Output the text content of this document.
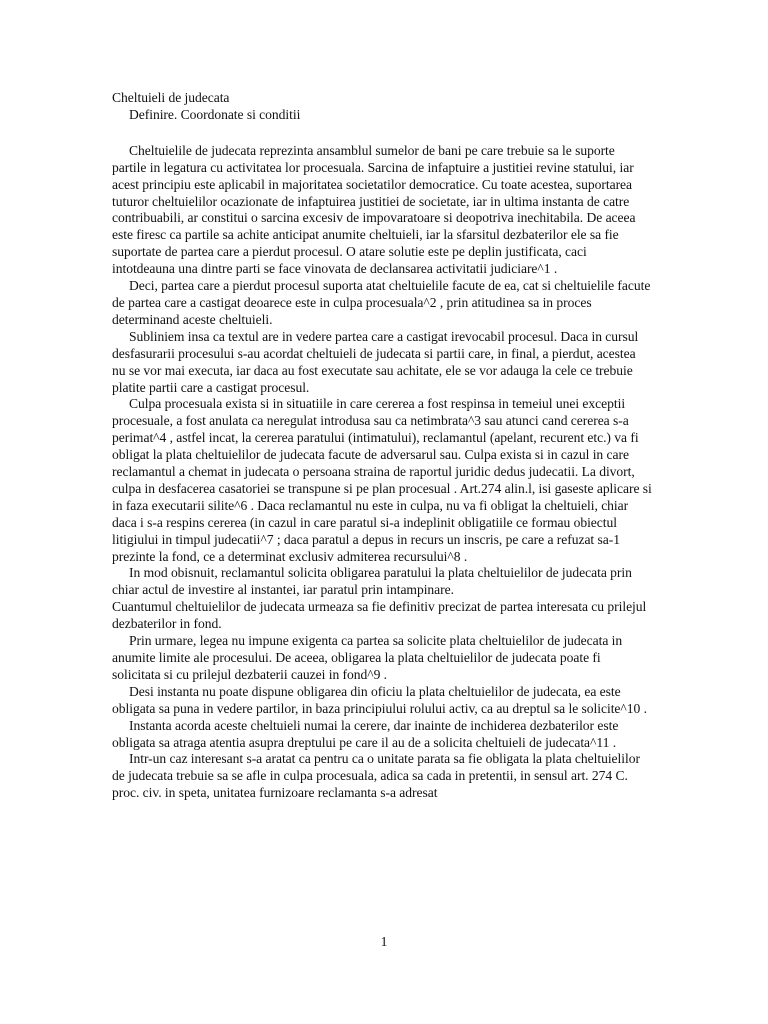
Cheltuieli de judecata
Definire. Coordonate si conditii

Cheltuielile de judecata reprezinta ansamblul sumelor de bani pe care trebuie sa le suporte partile in legatura cu activitatea lor procesuala. Sarcina de infaptuire a justitiei revine statului, iar acest principiu este aplicabil in majoritatea societatilor democratice. Cu toate acestea, suportarea tuturor cheltuielilor ocazionate de infaptuirea justitiei de societate, iar in ultima instanta de catre contribuabili, ar constitui o sarcina excesiv de impovaratoare si deopotriva inechitabila. De aceea este firesc ca partile sa achite anticipat anumite cheltuieli, iar la sfarsitul dezbaterilor ele sa fie suportate de partea care a pierdut procesul. O atare solutie este pe deplin justificata, caci intotdeauna una dintre parti se face vinovata de declansarea activitatii judiciare^1 .

Deci, partea care a pierdut procesul suporta atat cheltuielile facute de ea, cat si cheltuielile facute de partea care a castigat deoarece este in culpa procesuala^2 , prin atitudinea sa in proces determinand aceste cheltuieli.

Subliniem insa ca textul are in vedere partea care a castigat irevocabil procesul. Daca in cursul desfasurarii procesului s-au acordat cheltuieli de judecata si partii care, in final, a pierdut, acestea nu se vor mai executa, iar daca au fost executate sau achitate, ele se vor adauga la cele ce trebuie platite partii care a castigat procesul.

Culpa procesuala exista si in situatiile in care cererea a fost respinsa in temeiul unei exceptii procesuale, a fost anulata ca neregulat introdusa sau ca netimbrata^3 sau atunci cand cererea s-a perimat^4 , astfel incat, la cererea paratului (intimatului), reclamantul (apelant, recurent etc.) va fi obligat la plata cheltuielilor de judecata facute de adversarul sau. Culpa exista si in cazul in care reclamantul a chemat in judecata o persoana straina de raportul juridic dedus judecatii. La divort, culpa in desfacerea casatoriei se transpune si pe plan procesual . Art.274 alin.l, isi gaseste aplicare si in faza executarii silite^6 . Daca reclamantul nu este in culpa, nu va fi obligat la cheltuieli, chiar daca i s-a respins cererea (in cazul in care paratul si-a indeplinit obligatiile ce formau obiectul litigiului in timpul judecatii^7 ; daca paratul a depus in recurs un inscris, pe care a refuzat sa-1 prezinte la fond, ce a determinat exclusiv admiterea recursului^8 .

In mod obisnuit, reclamantul solicita obligarea paratului la plata cheltuielilor de judecata prin chiar actul de investire al instantei, iar paratul prin intampinare.

Cuantumul cheltuielilor de judecata urmeaza sa fie definitiv precizat de partea interesata cu prilejul dezbaterilor in fond.

Prin urmare, legea nu impune exigenta ca partea sa solicite plata cheltuielilor de judecata in anumite limite ale procesului. De aceea, obligarea la plata cheltuielilor de judecata poate fi solicitata si cu prilejul dezbaterii cauzei in fond^9 .

Desi instanta nu poate dispune obligarea din oficiu la plata cheltuielilor de judecata, ea este obligata sa puna in vedere partilor, in baza principiului rolului activ, ca au dreptul sa le solicite^10 .

Instanta acorda aceste cheltuieli numai la cerere, dar inainte de inchiderea dezbaterilor este obligata sa atraga atentia asupra dreptului pe care il au de a solicita cheltuieli de judecata^11 .

Intr-un caz interesant s-a aratat ca pentru ca o unitate parata sa fie obligata la plata cheltuielilor de judecata trebuie sa se afle in culpa procesuala, adica sa cada in pretentii, in sensul art. 274 C. proc. civ. in speta, unitatea furnizoare reclamanta s-a adresat

1
